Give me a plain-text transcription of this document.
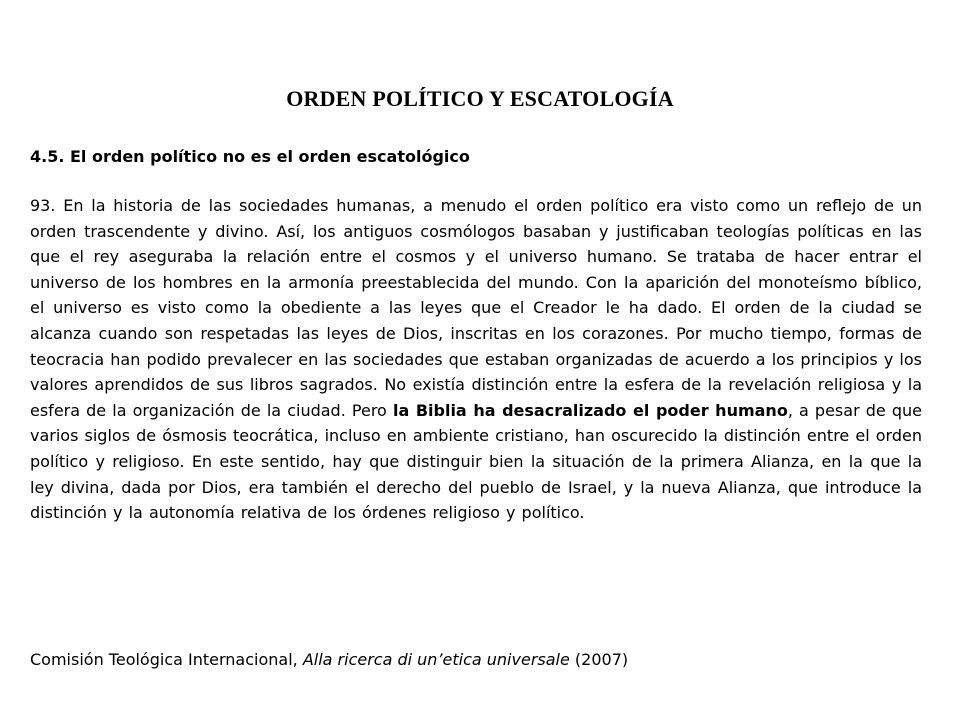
ORDEN POLÍTICO Y ESCATOLOGÍA
4.5. El orden político no es el orden escatológico

93. En la historia de las sociedades humanas, a menudo el orden político era visto como un reflejo de un orden trascendente y divino. Así, los antiguos cosmólogos basaban y justificaban teologías políticas en las que el rey aseguraba la relación entre el cosmos y el universo humano. Se trataba de hacer entrar el universo de los hombres en la armonía preestablecida del mundo. Con la aparición del monoteísmo bíblico, el universo es visto como la obediente a las leyes que el Creador le ha dado. El orden de la ciudad se alcanza cuando son respetadas las leyes de Dios, inscritas en los corazones. Por mucho tiempo, formas de teocracia han podido prevalecer en las sociedades que estaban organizadas de acuerdo a los principios y los valores aprendidos de sus libros sagrados. No existía distinción entre la esfera de la revelación religiosa y la esfera de la organización de la ciudad. Pero la Biblia ha desacralizado el poder humano, a pesar de que varios siglos de ósmosis teocrática, incluso en ambiente cristiano, han oscurecido la distinción entre el orden político y religioso. En este sentido, hay que distinguir bien la situación de la primera Alianza, en la que la ley divina, dada por Dios, era también el derecho del pueblo de Israel, y la nueva Alianza, que introduce la distinción y la autonomía relativa de los órdenes religioso y político.

Comisión Teológica Internacional, Alla ricerca di un’etica universale (2007)
